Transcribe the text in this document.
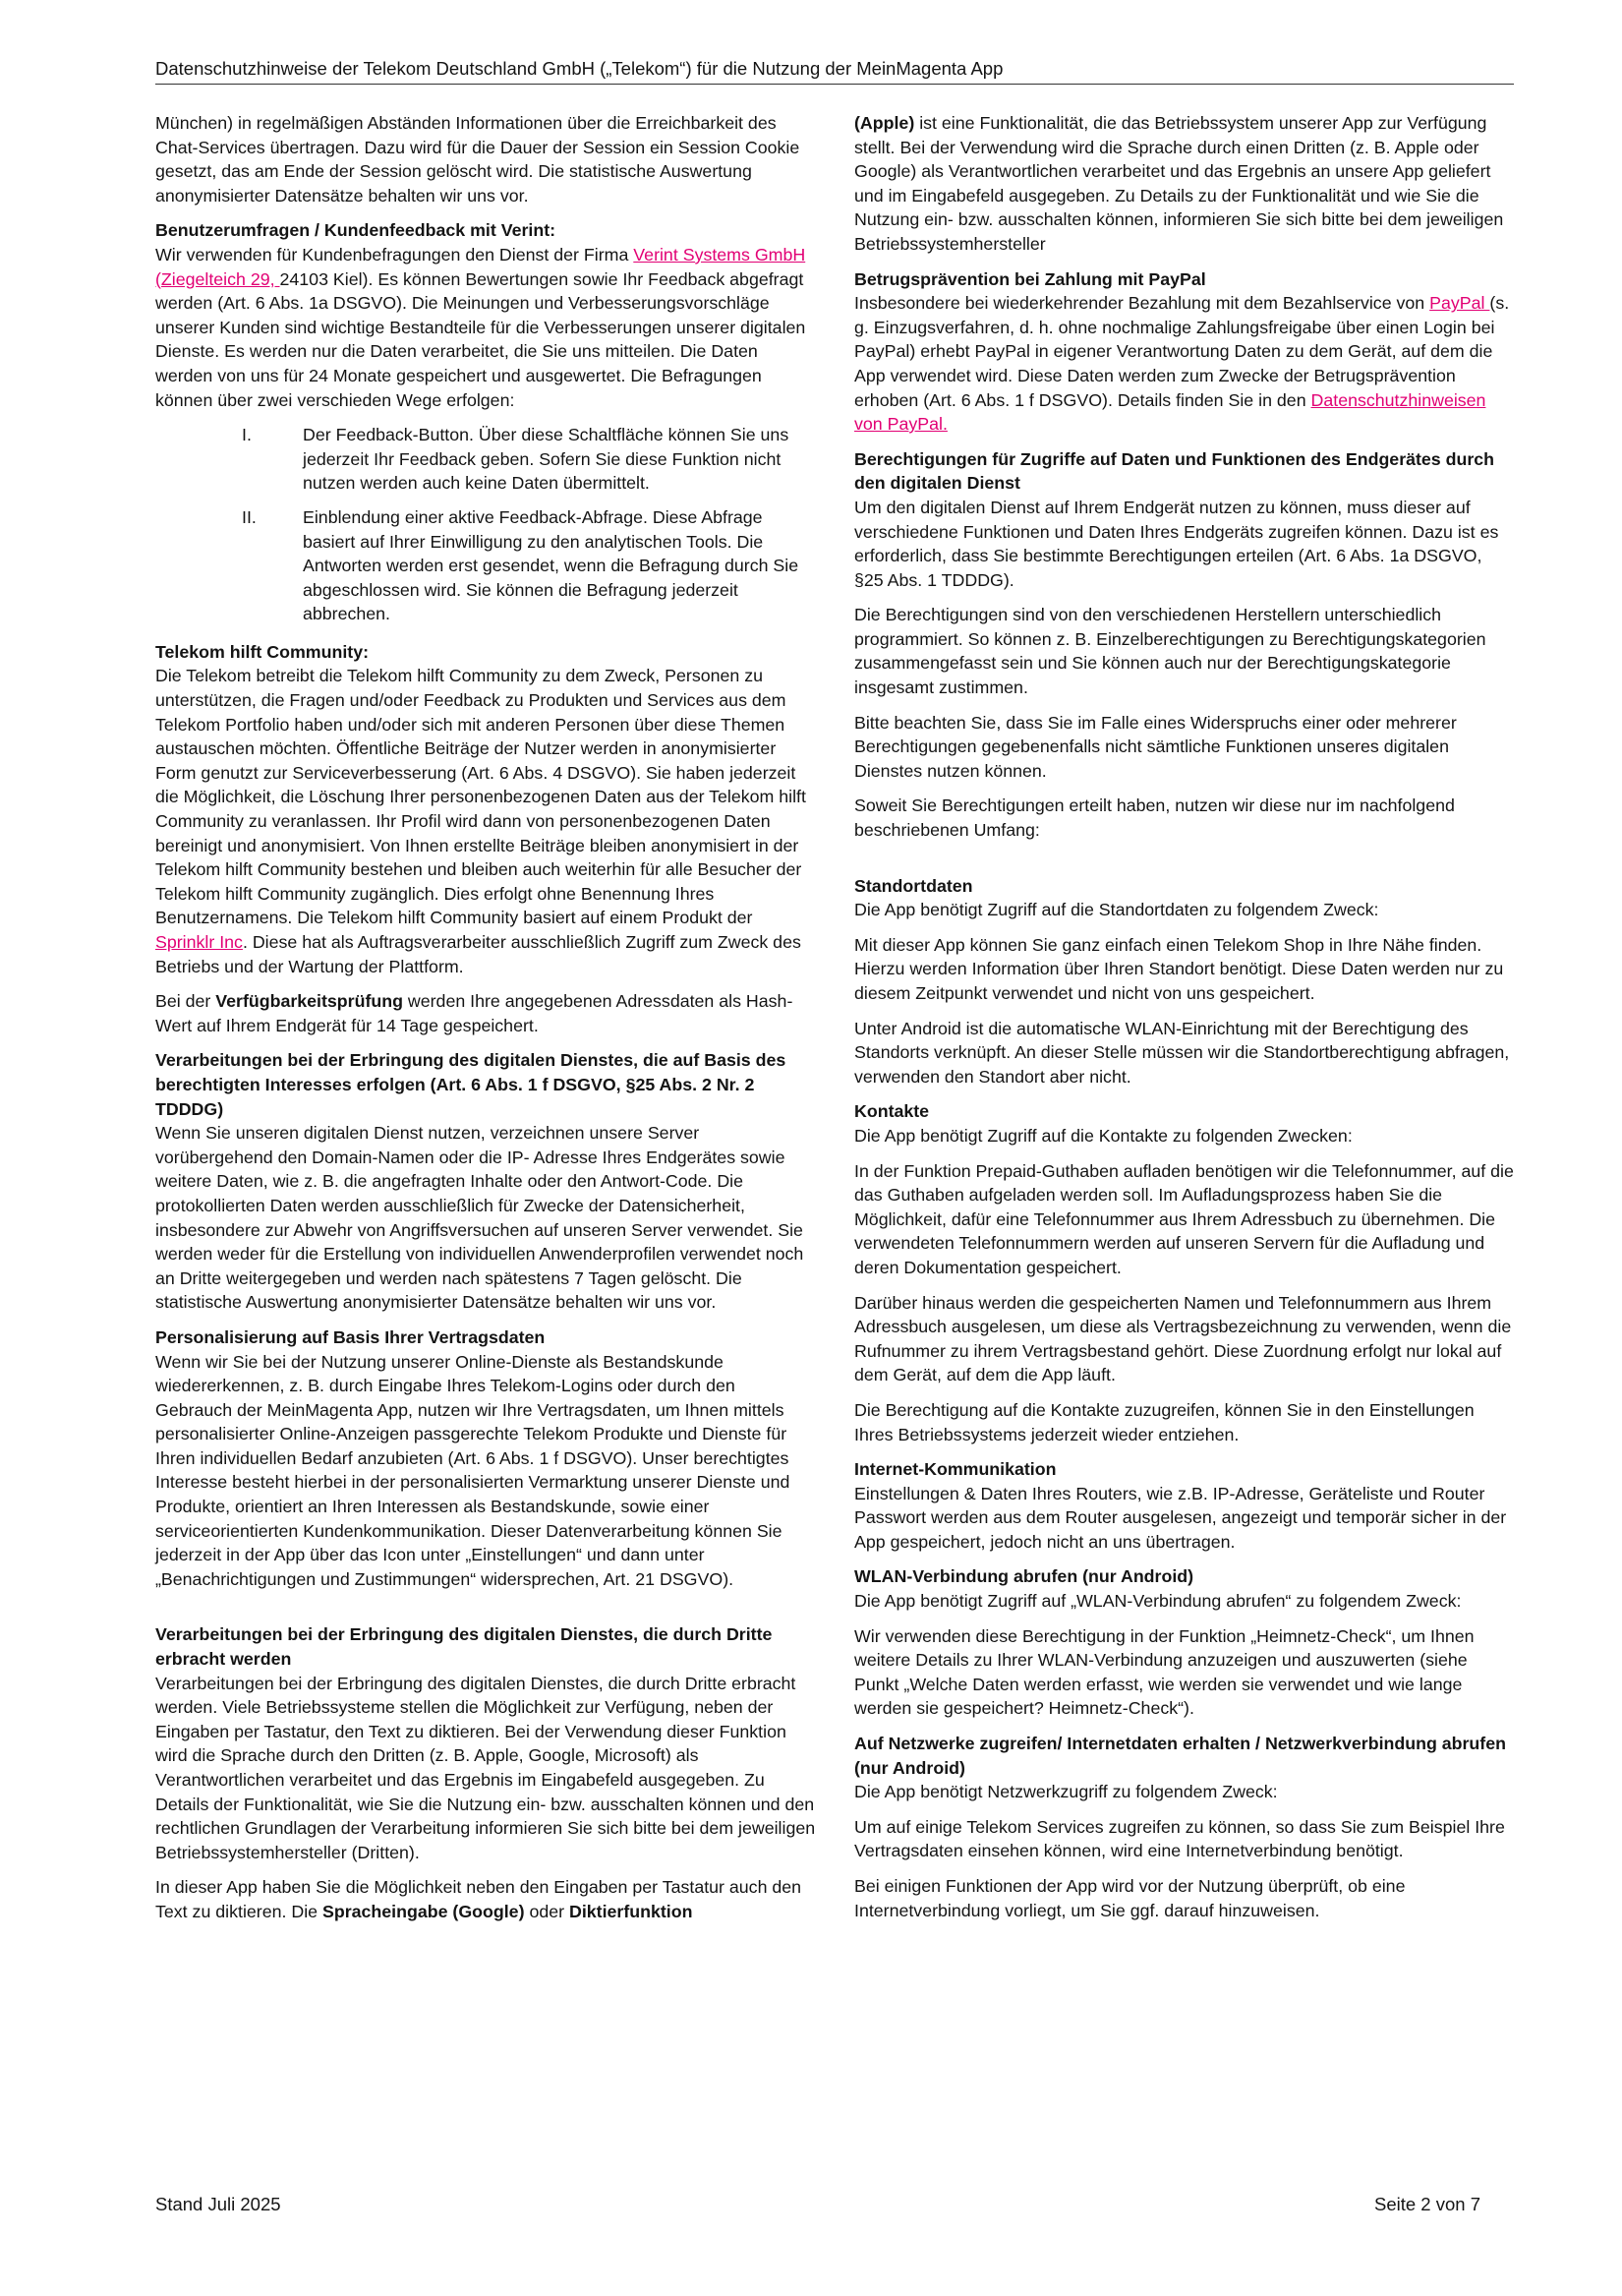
Datenschutzhinweise der Telekom Deutschland GmbH („Telekom“) für die Nutzung der MeinMagenta App

München) in regelmäßigen Abständen Informationen über die Erreichbarkeit des Chat-Services übertragen. Dazu wird für die Dauer der Session ein Session Cookie gesetzt, das am Ende der Session gelöscht wird. Die statistische Auswertung anonymisierter Datensätze behalten wir uns vor.

Benutzerumfragen / Kundenfeedback mit Verint:

Wir verwenden für Kundenbefragungen den Dienst der Firma Verint Systems GmbH (Ziegelteich 29, 24103 Kiel). Es können Bewertungen sowie Ihr Feedback abgefragt werden (Art. 6 Abs. 1a DSGVO). Die Meinungen und Verbesserungsvorschläge unserer Kunden sind wichtige Bestandteile für die Verbesserungen unserer digitalen Dienste. Es werden nur die Daten verarbeitet, die Sie uns mitteilen. Die Daten werden von uns für 24 Monate gespeichert und ausgewertet. Die Befragungen können über zwei verschieden Wege erfolgen:

I.	Der Feedback-Button. Über diese Schaltfläche können Sie uns jederzeit Ihr Feedback geben. Sofern Sie diese Funktion nicht nutzen werden auch keine Daten übermittelt.
II.	Einblendung einer aktive Feedback-Abfrage. Diese Abfrage basiert auf Ihrer Einwilligung zu den analytischen Tools. Die Antworten werden erst gesendet, wenn die Befragung durch Sie abgeschlossen wird. Sie können die Befragung jederzeit abbrechen.
Telekom hilft Community:

Die Telekom betreibt die Telekom hilft Community zu dem Zweck, Personen zu unterstützen, die Fragen und/oder Feedback zu Produkten und Services aus dem Telekom Portfolio haben und/oder sich mit anderen Personen über diese Themen austauschen möchten. Öffentliche Beiträge der Nutzer werden in anonymisierter Form genutzt zur Serviceverbesserung (Art. 6 Abs. 4 DSGVO). Sie haben jederzeit die Möglichkeit, die Löschung Ihrer personenbezogenen Daten aus der Telekom hilft Community zu veranlassen. Ihr Profil wird dann von personenbezogenen Daten bereinigt und anonymisiert. Von Ihnen erstellte Beiträge bleiben anonymisiert in der Telekom hilft Community bestehen und bleiben auch weiterhin für alle Besucher der Telekom hilft Community zugänglich. Dies erfolgt ohne Benennung Ihres Benutzernamens. Die Telekom hilft Community basiert auf einem Produkt der Sprinklr Inc. Diese hat als Auftragsverarbeiter ausschließlich Zugriff zum Zweck des Betriebs und der Wartung der Plattform.

Bei der Verfügbarkeitsprüfung werden Ihre angegebenen Adressdaten als Hash-Wert auf Ihrem Endgerät für 14 Tage gespeichert.

Verarbeitungen bei der Erbringung des digitalen Dienstes, die auf Basis des berechtigten Interesses erfolgen (Art. 6 Abs. 1 f DSGVO, §25 Abs. 2 Nr. 2 TDDDG)

Wenn Sie unseren digitalen Dienst nutzen, verzeichnen unsere Server vorübergehend den Domain-Namen oder die IP- Adresse Ihres Endgerätes sowie weitere Daten, wie z. B. die angefragten Inhalte oder den Antwort-Code. Die protokollierten Daten werden ausschließlich für Zwecke der Datensicherheit, insbesondere zur Abwehr von Angriffsversuchen auf unseren Server verwendet. Sie werden weder für die Erstellung von individuellen Anwenderprofilen verwendet noch an Dritte weitergegeben und werden nach spätestens 7 Tagen gelöscht. Die statistische Auswertung anonymisierter Datensätze behalten wir uns vor.

Personalisierung auf Basis Ihrer Vertragsdaten

Wenn wir Sie bei der Nutzung unserer Online-Dienste als Bestandskunde wiedererkennen, z. B. durch Eingabe Ihres Telekom-Logins oder durch den Gebrauch der MeinMagenta App, nutzen wir Ihre Vertragsdaten, um Ihnen mittels personalisierter Online-Anzeigen passgerechte Telekom Produkte und Dienste für Ihren individuellen Bedarf anzubieten (Art. 6 Abs. 1 f DSGVO). Unser berechtigtes Interesse besteht hierbei in der personalisierten Vermarktung unserer Dienste und Produkte, orientiert an Ihren Interessen als Bestandskunde, sowie einer serviceorientierten Kundenkommunikation. Dieser Datenverarbeitung können Sie jederzeit in der App über das Icon unter „Einstellungen“ und dann unter „Benachrichtigungen und Zustimmungen“ widersprechen, Art. 21 DSGVO).

Verarbeitungen bei der Erbringung des digitalen Dienstes, die durch Dritte erbracht werden

Verarbeitungen bei der Erbringung des digitalen Dienstes, die durch Dritte erbracht werden. Viele Betriebssysteme stellen die Möglichkeit zur Verfügung, neben der Eingaben per Tastatur, den Text zu diktieren. Bei der Verwendung dieser Funktion wird die Sprache durch den Dritten (z. B. Apple, Google, Microsoft) als Verantwortlichen verarbeitet und das Ergebnis im Eingabefeld ausgegeben. Zu Details der Funktionalität, wie Sie die Nutzung ein- bzw. ausschalten können und den rechtlichen Grundlagen der Verarbeitung informieren Sie sich bitte bei dem jeweiligen Betriebssystemhersteller (Dritten).

In dieser App haben Sie die Möglichkeit neben den Eingaben per Tastatur auch den Text zu diktieren. Die Spracheingabe (Google) oder Diktierfunktion

(Apple) ist eine Funktionalität, die das Betriebssystem unserer App zur Verfügung stellt. Bei der Verwendung wird die Sprache durch einen Dritten (z. B. Apple oder Google) als Verantwortlichen verarbeitet und das Ergebnis an unsere App geliefert und im Eingabefeld ausgegeben. Zu Details zu der Funktionalität und wie Sie die Nutzung ein- bzw. ausschalten können, informieren Sie sich bitte bei dem jeweiligen Betriebssystemhersteller

Betrugsprävention bei Zahlung mit PayPal

Insbesondere bei wiederkehrender Bezahlung mit dem Bezahlservice von PayPal (s. g. Einzugsverfahren, d. h. ohne nochmalige Zahlungsfreigabe über einen Login bei PayPal) erhebt PayPal in eigener Verantwortung Daten zu dem Gerät, auf dem die App verwendet wird. Diese Daten werden zum Zwecke der Betrugsprävention erhoben (Art. 6 Abs. 1 f DSGVO). Details finden Sie in den Datenschutzhinweisen von PayPal.

Berechtigungen für Zugriffe auf Daten und Funktionen des Endgerätes durch den digitalen Dienst

Um den digitalen Dienst auf Ihrem Endgerät nutzen zu können, muss dieser auf verschiedene Funktionen und Daten Ihres Endgeräts zugreifen können. Dazu ist es erforderlich, dass Sie bestimmte Berechtigungen erteilen (Art. 6 Abs. 1a DSGVO, §25 Abs. 1 TDDDG).

Die Berechtigungen sind von den verschiedenen Herstellern unterschiedlich programmiert. So können z. B. Einzelberechtigungen zu Berechtigungskategorien zusammengefasst sein und Sie können auch nur der Berechtigungskategorie insgesamt zustimmen.

Bitte beachten Sie, dass Sie im Falle eines Widerspruchs einer oder mehrerer Berechtigungen gegebenenfalls nicht sämtliche Funktionen unseres digitalen Dienstes nutzen können.

Soweit Sie Berechtigungen erteilt haben, nutzen wir diese nur im nachfolgend beschriebenen Umfang:

Standortdaten

Die App benötigt Zugriff auf die Standortdaten zu folgendem Zweck:

Mit dieser App können Sie ganz einfach einen Telekom Shop in Ihre Nähe finden. Hierzu werden Information über Ihren Standort benötigt. Diese Daten werden nur zu diesem Zeitpunkt verwendet und nicht von uns gespeichert.

Unter Android ist die automatische WLAN-Einrichtung mit der Berechtigung des Standorts verknüpft. An dieser Stelle müssen wir die Standortberechtigung abfragen, verwenden den Standort aber nicht.

Kontakte

Die App benötigt Zugriff auf die Kontakte zu folgenden Zwecken:

In der Funktion Prepaid-Guthaben aufladen benötigen wir die Telefonnummer, auf die das Guthaben aufgeladen werden soll. Im Aufladungsprozess haben Sie die Möglichkeit, dafür eine Telefonnummer aus Ihrem Adressbuch zu übernehmen. Die verwendeten Telefonnummern werden auf unseren Servern für die Aufladung und deren Dokumentation gespeichert.

Darüber hinaus werden die gespeicherten Namen und Telefonnummern aus Ihrem Adressbuch ausgelesen, um diese als Vertragsbezeichnung zu verwenden, wenn die Rufnummer zu ihrem Vertragsbestand gehört. Diese Zuordnung erfolgt nur lokal auf dem Gerät, auf dem die App läuft.

Die Berechtigung auf die Kontakte zuzugreifen, können Sie in den Einstellungen Ihres Betriebssystems jederzeit wieder entziehen.

Internet-Kommunikation

Einstellungen & Daten Ihres Routers, wie z.B. IP-Adresse, Geräteliste und Router Passwort werden aus dem Router ausgelesen, angezeigt und temporär sicher in der App gespeichert, jedoch nicht an uns übertragen.

WLAN-Verbindung abrufen (nur Android)

Die App benötigt Zugriff auf „WLAN-Verbindung abrufen“ zu folgendem Zweck:

Wir verwenden diese Berechtigung in der Funktion „Heimnetz-Check“, um Ihnen weitere Details zu Ihrer WLAN-Verbindung anzuzeigen und auszuwerten (siehe Punkt „Welche Daten werden erfasst, wie werden sie verwendet und wie lange werden sie gespeichert? Heimnetz-Check“).

Auf Netzwerke zugreifen/ Internetdaten erhalten / Netzwerkverbindung abrufen (nur Android)

Die App benötigt Netzwerkzugriff zu folgendem Zweck:

Um auf einige Telekom Services zugreifen zu können, so dass Sie zum Beispiel Ihre Vertragsdaten einsehen können, wird eine Internetverbindung benötigt.

Bei einigen Funktionen der App wird vor der Nutzung überprüft, ob eine Internetverbindung vorliegt, um Sie ggf. darauf hinzuweisen.

Stand Juli 2025	Seite 2 von 7
